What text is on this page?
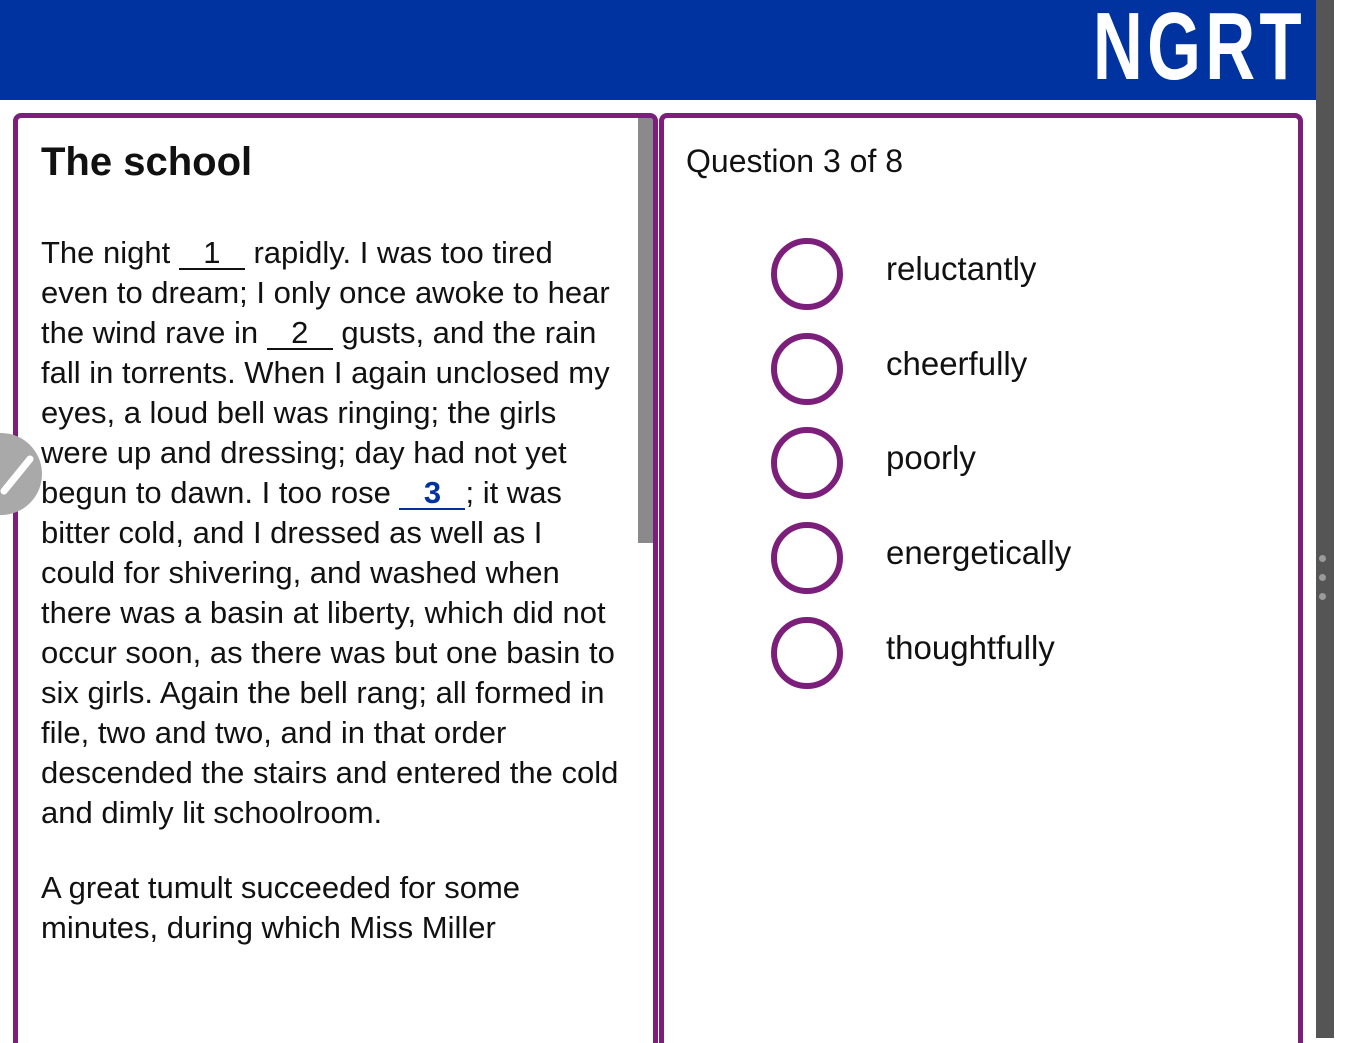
NGRT
The school

The night 1 rapidly. I was too tired even to dream; I only once awoke to hear the wind rave in 2 gusts, and the rain fall in torrents. When I again unclosed my eyes, a loud bell was ringing; the girls were up and dressing; day had not yet begun to dawn. I too rose 3 ; it was bitter cold, and I dressed as well as I could for shivering, and washed when there was a basin at liberty, which did not occur soon, as there was but one basin to six girls. Again the bell rang; all formed in file, two and two, and in that order descended the stairs and entered the cold and dimly lit schoolroom.

A great tumult succeeded for some minutes, during which Miss Miller

Question 3 of 8
reluctantly
cheerfully
poorly
energetically
thoughtfully
